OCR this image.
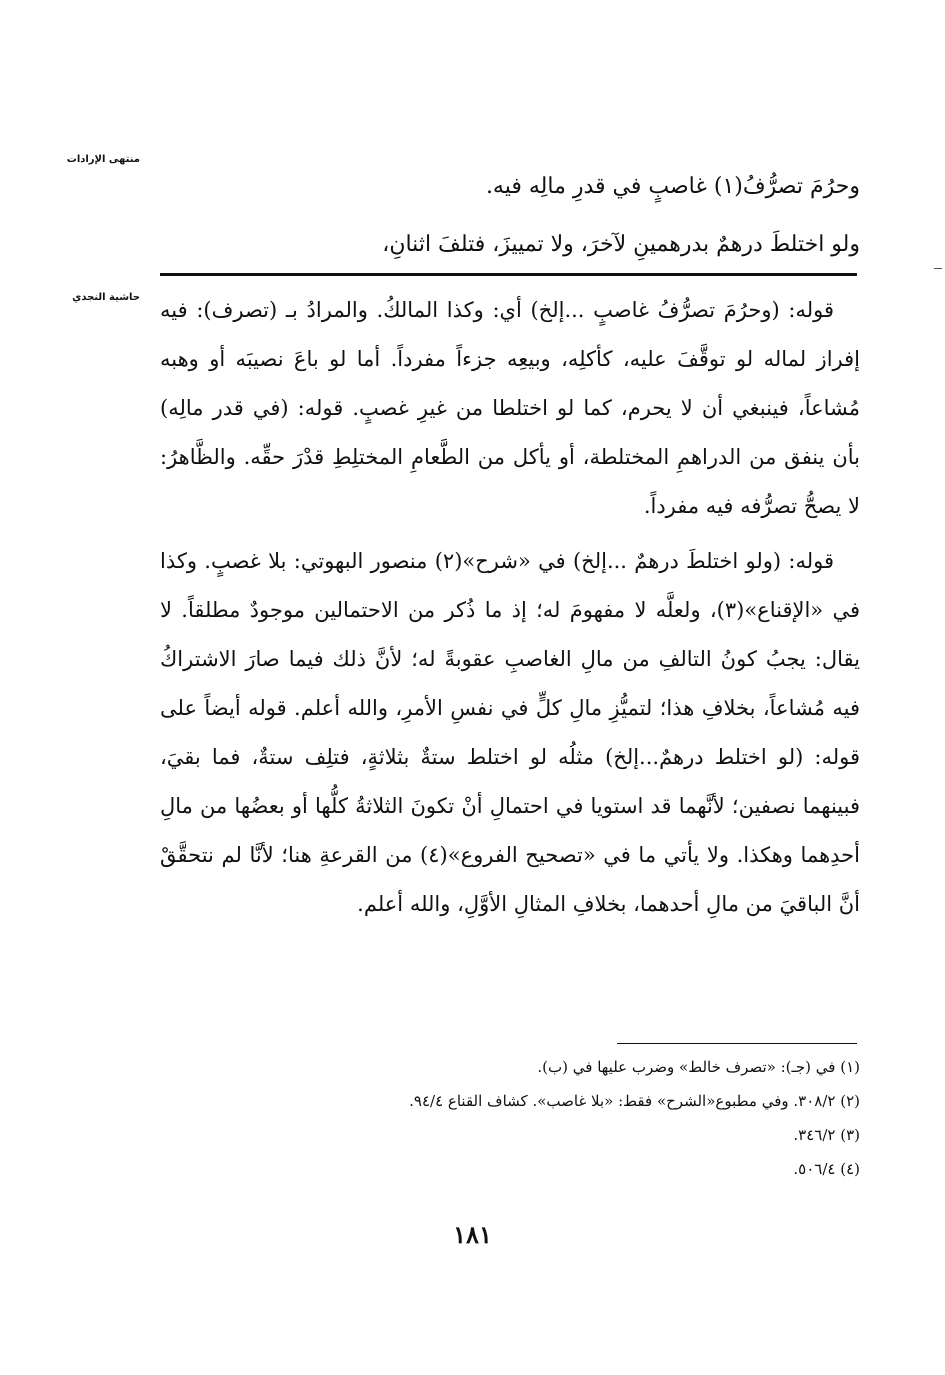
منتهى الإرادات
حاشية النجدي

وحرُمَ تصرُّفُ(١) غاصبٍ في قدرِ مالِه فيه.

ولو اختلطَ درهمٌ بدرهمينِ لآخرَ، ولا تمييزَ، فتلفَ اثنانِ،

قوله: (وحرُمَ تصرُّفُ غاصبٍ ...إلخ) أي: وكذا المالكُ. والمرادُ بـ (تصرف): فيه إفراز لماله لو توقَّفَ عليه، كأكلِه، وبيعِه جزءاً مفرداً. أما لو باعَ نصيبَه أو وهبه مُشاعاً، فينبغي أن لا يحرم، كما لو اختلطا من غيرِ غصبٍ. قوله: (في قدر مالِه) بأن ينفق من الدراهمِ المختلطة، أو يأكل من الطَّعامِ المختلِطِ قدْرَ حقِّه. والظَّاهرُ: لا يصحُّ تصرُّفه فيه مفرداً.

قوله: (ولو اختلطَ درهمٌ ...إلخ) في «شرح»(٢) منصور البهوتي: بلا غصبٍ. وكذا في «الإقناع»(٣)، ولعلَّه لا مفهومَ له؛ إذ ما ذُكر من الاحتمالين موجودٌ مطلقاً. لا يقال: يجبُ كونُ التالفِ من مالِ الغاصبِ عقوبةً له؛ لأنَّ ذلك فيما صارَ الاشتراكُ فيه مُشاعاً، بخلافِ هذا؛ لتميُّزِ مالِ كلٍّ في نفسِ الأمرِ، والله أعلم. قوله أيضاً على قوله: (لو اختلط درهمٌ...إلخ) مثلُه لو اختلط ستةٌ بثلاثةٍ، فتلِف ستةٌ، فما بقيَ، فبينهما نصفين؛ لأنَّهما قد استويا في احتمالِ أنْ تكونَ الثلاثةُ كلُّها أو بعضُها من مالِ أحدِهما وهكذا. ولا يأتي ما في «تصحيح الفروع»(٤) من القرعةِ هنا؛ لأنَّا لم نتحقَّقْ أنَّ الباقيَ من مالِ أحدهما، بخلافِ المثالِ الأوَّلِ، والله أعلم.

(١) في (جـ): «تصرف خالط» وضرب عليها في (ب).

(٢) ٣٠٨/٢. وفي مطبوع«الشرح» فقط: «بلا غاصب». كشاف القناع ٩٤/٤.

(٣) ٣٤٦/٢.

(٤) ٥٠٦/٤.

١٨١
